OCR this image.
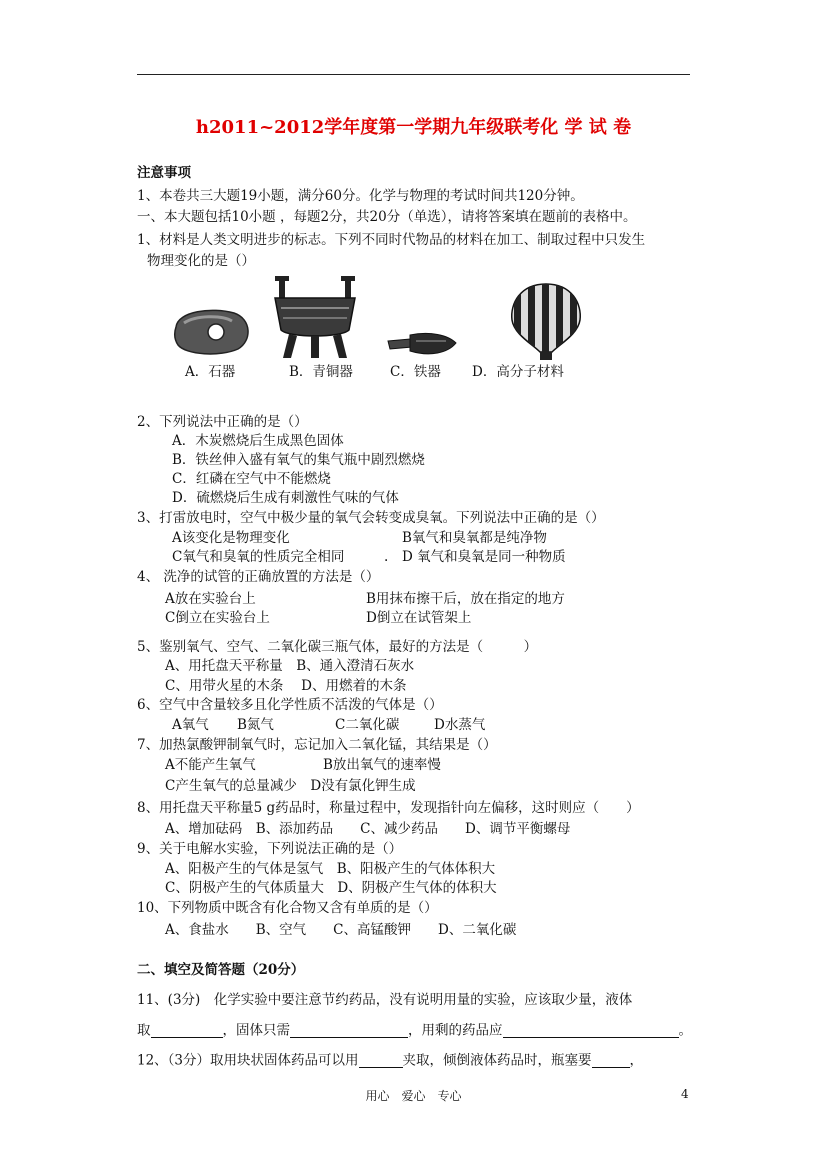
h2011~2012学年度第一学期九年级联考化 学 试 卷
注意事项
1、本卷共三大题19小题，满分60分。化学与物理的考试时间共120分钟。
一、本大题包括10小题 ，每题2分，共20分（单选），请将答案填在题前的表格中。
1、材料是人类文明进步的标志。下列不同时代物品的材料在加工、制取过程中只发生
物理变化的是（）
A．石器	B．青铜器	C．铁器 D．高分子材料
2、下列说法中正确的是（）
A．木炭燃烧后生成黑色固体
B．铁丝伸入盛有氧气的集气瓶中剧烈燃烧
C．红磷在空气中不能燃烧
D．硫燃烧后生成有刺激性气味的气体
3、打雷放电时，空气中极少量的氧气会转变成臭氧。下列说法中正确的是（）
A该变化是物理变化	B氧气和臭氧都是纯净物
C氧气和臭氧的性质完全相同	. D 氧气和臭氧是同一种物质
4、 洗净的试管的正确放置的方法是（）
A放在实验台上	B用抹布擦干后，放在指定的地方
C倒立在实验台上	D倒立在试管架上
5、鉴别氧气、空气、二氧化碳三瓶气体，最好的方法是（　　　）
A、用托盘天平称量　B、通入澄清石灰水
C、用带火星的木条　 D、用燃着的木条
6、空气中含量较多且化学性质不活泼的气体是（）
A氧气 B氮气	C二氧化碳	D水蒸气
7、加热氯酸钾制氧气时，忘记加入二氧化锰，其结果是（）
A不能产生氧气	B放出氧气的速率慢
C产生氧气的总量减少　D没有氯化钾生成
8、用托盘天平称量5 g药品时，称量过程中，发现指针向左偏移，这时则应（　　）
A、增加砝码　B、添加药品　　C、减少药品　　D、调节平衡螺母
9、关于电解水实验，下列说法正确的是（）
A、阳极产生的气体是氢气　B、阳极产生的气体体积大
C、阴极产生的气体质量大　D、阴极产生气体的体积大
10、下列物质中既含有化合物又含有单质的是（）
A、食盐水　　B、空气　　C、高锰酸钾　　D、二氧化碳
二、填空及简答题（20分）
11、(3分)　化学实验中要注意节约药品，没有说明用量的实验，应该取少量，液体
取	，固体只需	，用剩的药品应	。
12、（3分）取用块状固体药品可以用	夹取，倾倒液体药品时，瓶塞要	，
用心　爱心　专心	4
